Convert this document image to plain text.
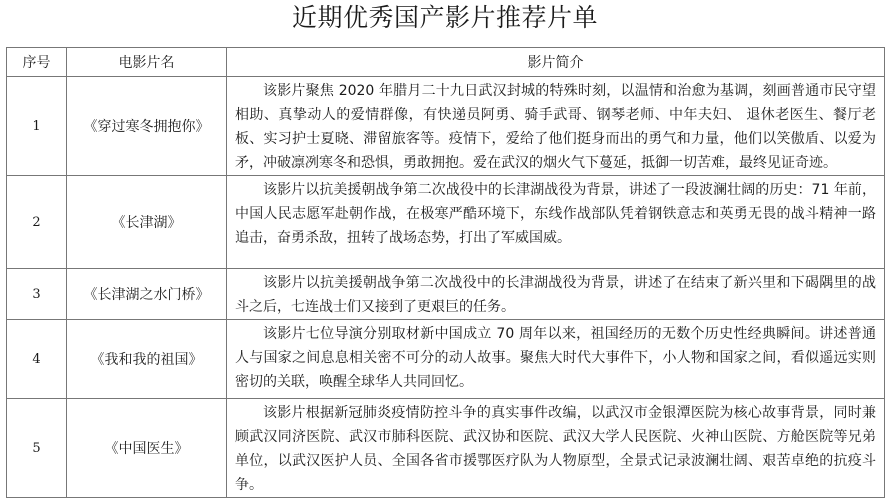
近期优秀国产影片推荐片单
序号	电影片名	影片简介
1	《穿过寒冬拥抱你》	该影片聚焦 2020 年腊月二十九日武汉封城的特殊时刻，以温情和治愈为基调，刻画普通市民守望相助、真挚动人的爱情群像，有快递员阿勇、骑手武哥、钢琴老师、中年夫妇、 退休老医生、餐厅老板、实习护士夏晓、滞留旅客等。疫情下，爱给了他们挺身而出的勇气和力量，他们以笑傲盾、以爱为矛，冲破凛冽寒冬和恐惧，勇敢拥抱。爱在武汉的烟火气下蔓延，抵御一切苦难，最终见证奇迹。
2	《长津湖》	该影片以抗美援朝战争第二次战役中的长津湖战役为背景，讲述了一段波澜壮阔的历史：71 年前，中国人民志愿军赴朝作战，在极寒严酷环境下，东线作战部队凭着钢铁意志和英勇无畏的战斗精神一路追击，奋勇杀敌，扭转了战场态势，打出了军威国威。
3	《长津湖之水门桥》	该影片以抗美援朝战争第二次战役中的长津湖战役为背景，讲述了在结束了新兴里和下碣隅里的战斗之后，七连战士们又接到了更艰巨的任务。
4	《我和我的祖国》	该影片七位导演分别取材新中国成立 70 周年以来，祖国经历的无数个历史性经典瞬间。讲述普通人与国家之间息息相关密不可分的动人故事。聚焦大时代大事件下，小人物和国家之间，看似遥远实则密切的关联，唤醒全球华人共同回忆。
5	《中国医生》	该影片根据新冠肺炎疫情防控斗争的真实事件改编，以武汉市金银潭医院为核心故事背景，同时兼顾武汉同济医院、武汉市肺科医院、武汉协和医院、武汉大学人民医院、火神山医院、方舱医院等兄弟单位，以武汉医护人员、全国各省市援鄂医疗队为人物原型，全景式记录波澜壮阔、艰苦卓绝的抗疫斗争。
